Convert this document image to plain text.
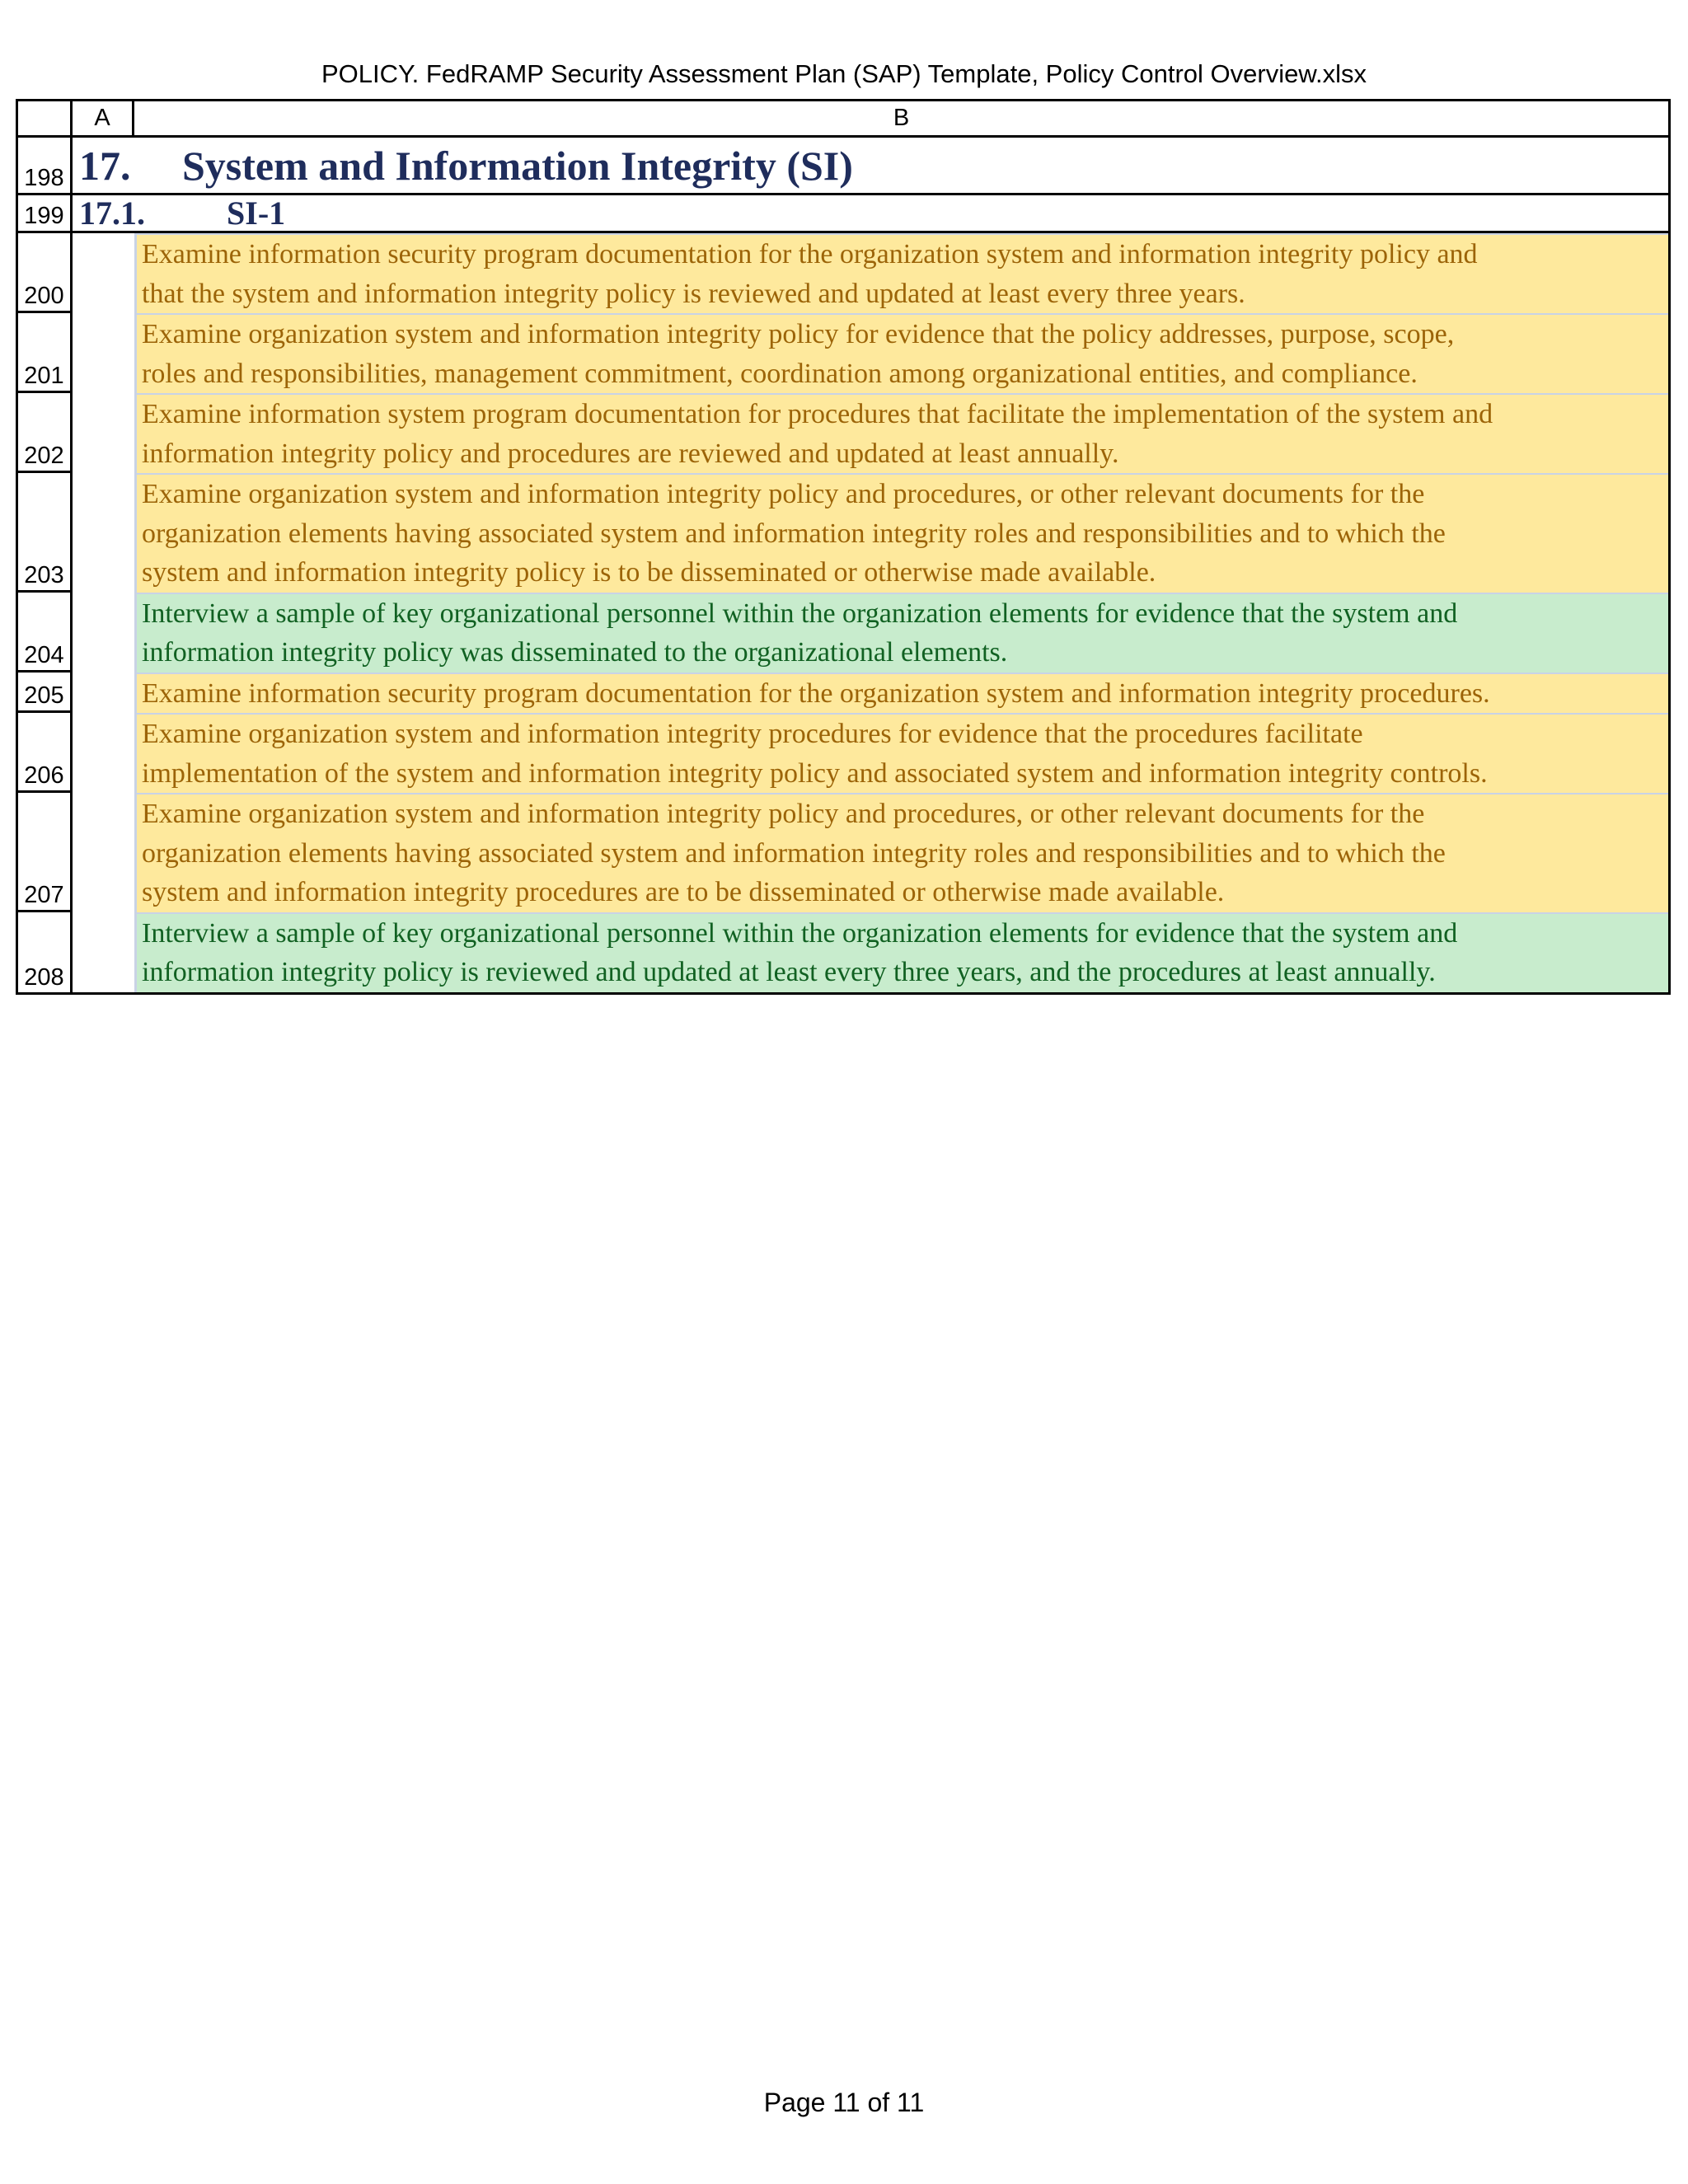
POLICY. FedRAMP Security Assessment Plan (SAP) Template, Policy Control Overview.xlsx
A	B
198 17.	System and Information Integrity (SI)
199 17.1.	SI-1
200
Examine information security program documentation for the organization system and information integrity policy and
that the system and information integrity policy is reviewed and updated at least every three years.
201
Examine organization system and information integrity policy for evidence that the policy addresses, purpose, scope,
roles and responsibilities, management commitment, coordination among organizational entities, and compliance.
202
Examine information system program documentation for procedures that facilitate the implementation of the system and
information integrity policy and procedures are reviewed and updated at least annually.
203
Examine organization system and information integrity policy and procedures, or other relevant documents for the
organization elements having associated system and information integrity roles and responsibilities and to which the
system and information integrity policy is to be disseminated or otherwise made available.
204
Interview a sample of key organizational personnel within the organization elements for evidence that the system and
information integrity policy was disseminated to the organizational elements.
205	Examine information security program documentation for the organization system and information integrity procedures.
206
Examine organization system and information integrity procedures for evidence that the procedures facilitate
implementation of the system and information integrity policy and associated system and information integrity controls.
207
Examine organization system and information integrity policy and procedures, or other relevant documents for the
organization elements having associated system and information integrity roles and responsibilities and to which the
system and information integrity procedures are to be disseminated or otherwise made available.
208
Interview a sample of key organizational personnel within the organization elements for evidence that the system and
information integrity policy is reviewed and updated at least every three years, and the procedures at least annually.
Page 11 of 11
